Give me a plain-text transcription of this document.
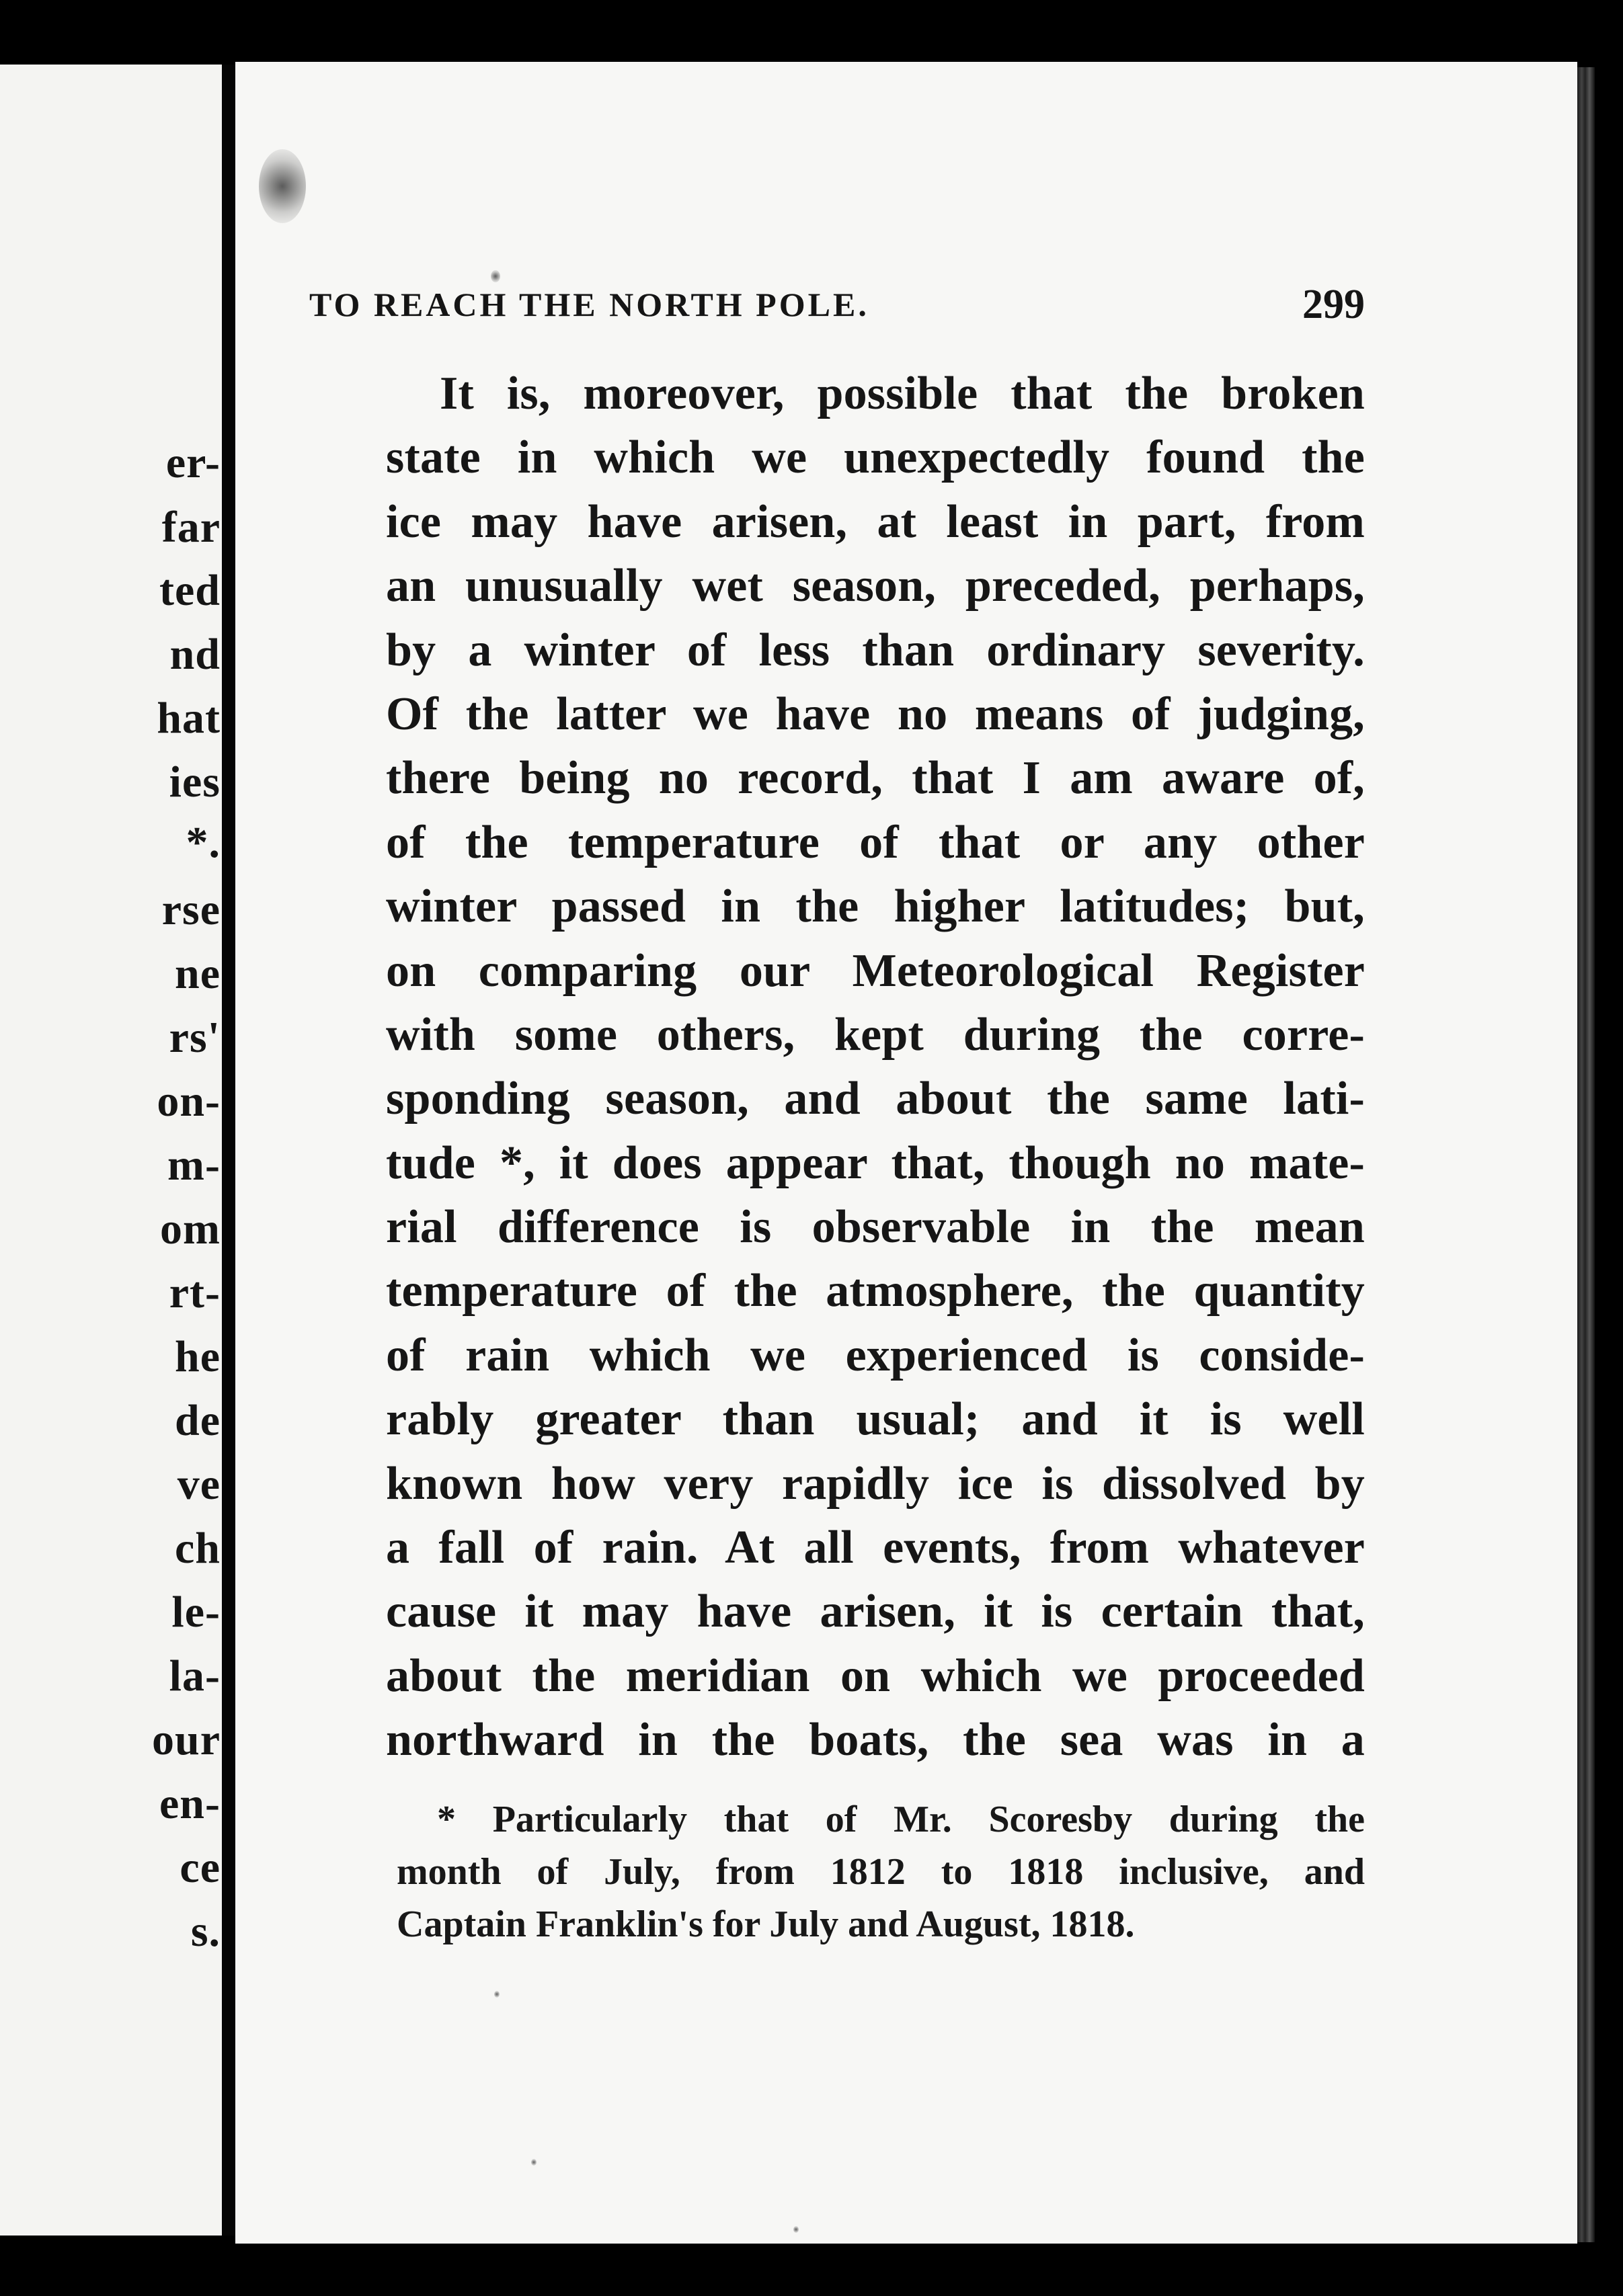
er-
far
ted
nd
hat
ies
*.
rse
ne
rs'
on-
m-
om
rt-
he
de
ve
ch
le-
la-
our
en-
ce
s.
TO REACH THE NORTH POLE.	299
It is, moreover, possible that the broken
state in which we unexpectedly found the
ice may have arisen, at least in part, from
an unusually wet season, preceded, perhaps,
by a winter of less than ordinary severity.
Of the latter we have no means of judging,
there being no record, that I am aware of,
of the temperature of that or any other
winter passed in the higher latitudes; but,
on comparing our Meteorological Register
with some others, kept during the corre-
sponding season, and about the same lati-
tude *, it does appear that, though no mate-
rial difference is observable in the mean
temperature of the atmosphere, the quantity
of rain which we experienced is conside-
rably greater than usual; and it is well
known how very rapidly ice is dissolved by
a fall of rain. At all events, from whatever
cause it may have arisen, it is certain that,
about the meridian on which we proceeded
northward in the boats, the sea was in a
* Particularly that of Mr. Scoresby during the
month of July, from 1812 to 1818 inclusive, and
Captain Franklin's for July and August, 1818.
